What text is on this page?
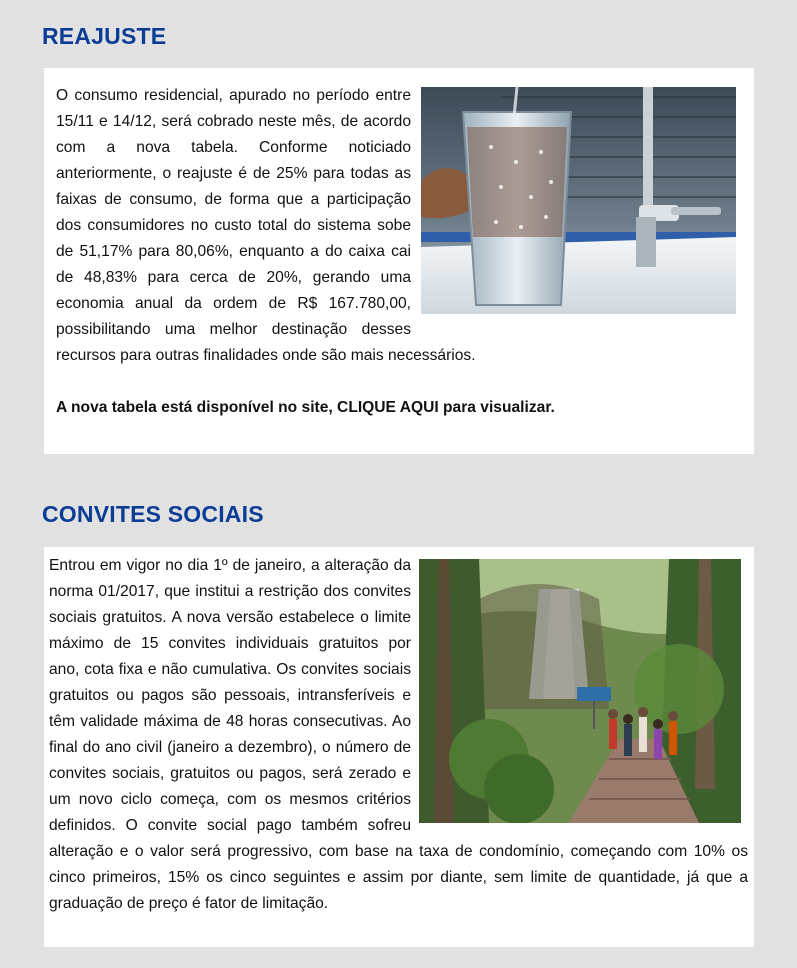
REAJUSTE

O consumo residencial, apurado no período entre 15/11 e 14/12, será cobrado neste mês, de acordo com a nova tabela. Conforme noticiado anteriormente, o reajuste é de 25% para todas as faixas de consumo, de forma que a participação dos consumidores no custo total do sistema sobe de 51,17% para 80,06%, enquanto a do caixa cai de 48,83% para cerca de 20%, gerando uma economia anual da ordem de R$ 167.780,00, possibilitando uma melhor destinação desses recursos para outras finalidades onde são mais necessários.

A nova tabela está disponível no site, CLIQUE AQUI para visualizar.

CONVITES SOCIAIS

Entrou em vigor no dia 1º de janeiro, a alteração da norma 01/2017, que institui a restrição dos convites sociais gratuitos. A nova versão estabelece o limite máximo de 15 convites individuais gratuitos por ano, cota fixa e não cumulativa. Os convites sociais gratuitos ou pagos são pessoais, intransferíveis e têm validade máxima de 48 horas consecutivas. Ao final do ano civil (janeiro a dezembro), o número de convites sociais, gratuitos ou pagos, será zerado e um novo ciclo começa, com os mesmos critérios definidos. O convite social pago também sofreu alteração e o valor será progressivo, com base na taxa de condomínio, começando com 10% os cinco primeiros, 15% os cinco seguintes e assim por diante, sem limite de quantidade, já que a graduação de preço é fator de limitação.
